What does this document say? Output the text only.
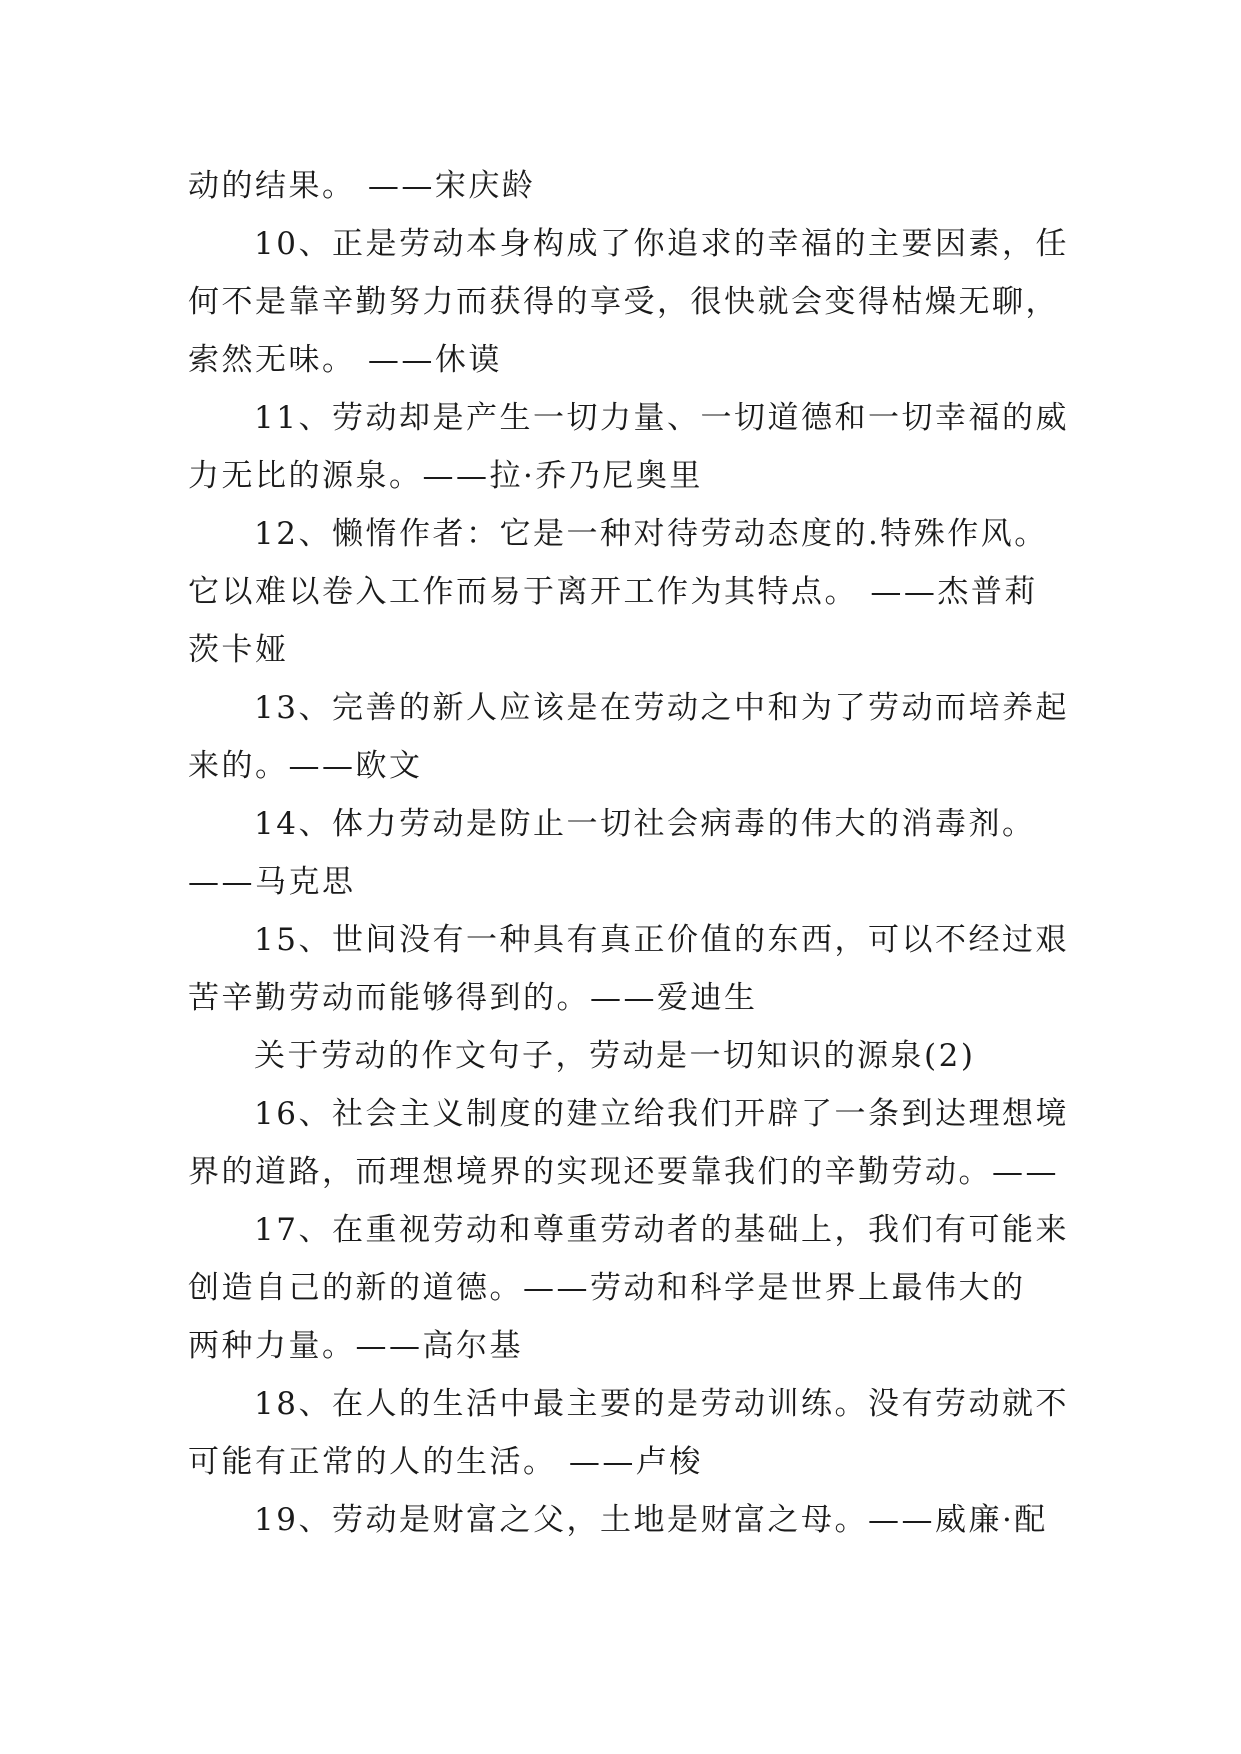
动的结果。 ——宋庆龄
10、正是劳动本身构成了你追求的幸福的主要因素，任
何不是靠辛勤努力而获得的享受，很快就会变得枯燥无聊，
索然无味。 ——休谟
11、劳动却是产生一切力量、一切道德和一切幸福的威
力无比的源泉。——拉·乔乃尼奥里
12、懒惰作者：它是一种对待劳动态度的.特殊作风。
它以难以卷入工作而易于离开工作为其特点。 ——杰普莉
茨卡娅
13、完善的新人应该是在劳动之中和为了劳动而培养起
来的。——欧文
14、体力劳动是防止一切社会病毒的伟大的消毒剂。
——马克思
15、世间没有一种具有真正价值的东西，可以不经过艰
苦辛勤劳动而能够得到的。——爱迪生
关于劳动的作文句子，劳动是一切知识的源泉(2)
16、社会主义制度的建立给我们开辟了一条到达理想境
界的道路，而理想境界的实现还要靠我们的辛勤劳动。——
17、在重视劳动和尊重劳动者的基础上，我们有可能来
创造自己的新的道德。——劳动和科学是世界上最伟大的
两种力量。——高尔基
18、在人的生活中最主要的是劳动训练。没有劳动就不
可能有正常的人的生活。 ——卢梭
19、劳动是财富之父，土地是财富之母。——威廉·配
